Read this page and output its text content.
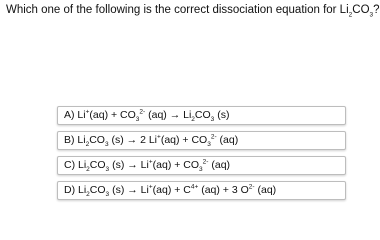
Which one of the following is the correct dissociation equation for $Li_2CO_3$?
A) $Li^+(aq) + CO_3^{2-}$ $(aq) \to Li_2CO_3$ (s)
B) $Li_2CO_3$ (s) → 2 $Li^+(aq) + CO_3^{2-}$ (aq)
C) $Li_2CO_3$ $(s) \to Li^+(aq) + CO_3^{2-}$ (aq)
D) $Li_2CO_3$ $(s) \to Li^+(aq) + C^{4+}$ (aq) + 3 $O^{2-}$ (aq)
